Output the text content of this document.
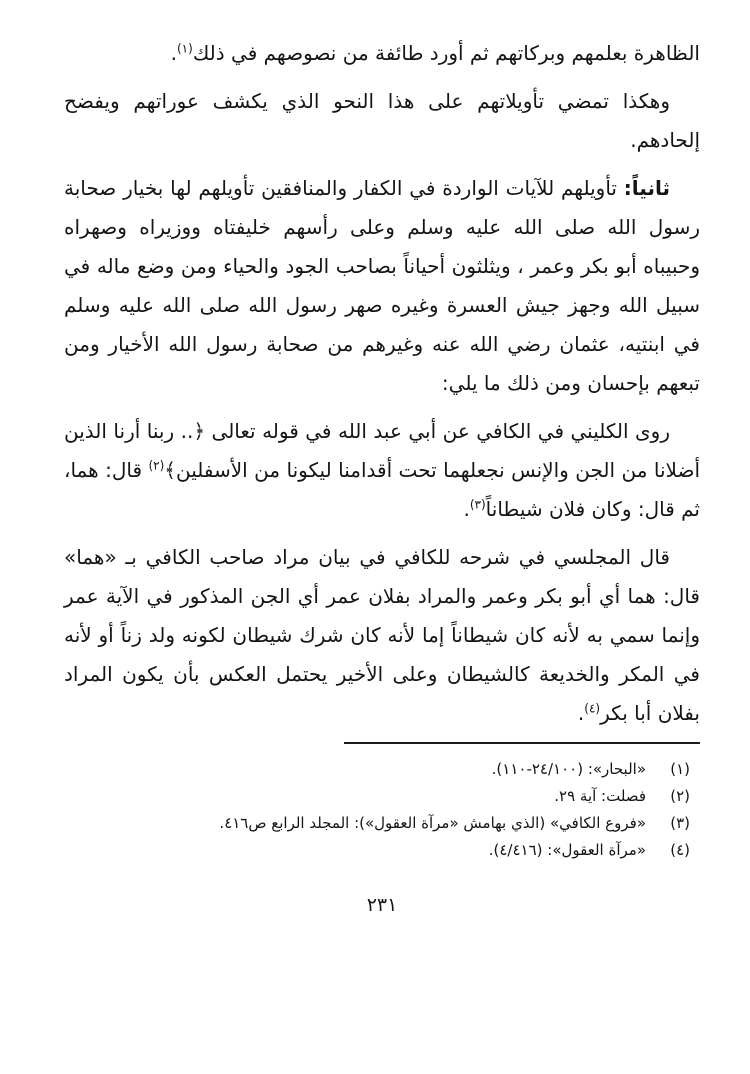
الظاهرة بعلمهم وبركاتهم ثم أورد طائفة من نصوصهم في ذلك$^{(١)}$.

وهكذا تمضي تأويلاتهم على هذا النحو الذي يكشف عوراتهم ويفضح إلحادهم.

ثانياً: تأويلهم للآيات الواردة في الكفار والمنافقين تأويلهم لها بخيار صحابة رسول الله صلى الله عليه وسلم وعلى رأسهم خليفتاه ووزيراه وصهراه وحبيباه أبو بكر وعمر ، ويثلثون أحياناً بصاحب الجود والحياء ومن وضع ماله في سبيل الله وجهز جيش العسرة وغيره صهر رسول الله صلى الله عليه وسلم في ابنتيه، عثمان رضي الله عنه وغيرهم من صحابة رسول الله الأخيار ومن تبعهم بإحسان ومن ذلك ما يلي:

روى الكليني في الكافي عن أبي عبد الله في قوله تعالى ﴿.. ربنا أرنا الذين أضلانا من الجن والإنس نجعلهما تحت أقدامنا ليكونا من الأسفلين﴾$^{(٢)}$ قال: هما، ثم قال: وكان فلان شيطاناً$^{(٣)}$.

قال المجلسي في شرحه للكافي في بيان مراد صاحب الكافي بـ «هما» قال: هما أي أبو بكر وعمر والمراد بفلان عمر أي الجن المذكور في الآية عمر وإنما سمي به لأنه كان شيطاناً إما لأنه كان شرك شيطان لكونه ولد زناً أو لأنه في المكر والخديعة كالشيطان وعلى الأخير يحتمل العكس بأن يكون المراد بفلان أبا بكر$^{(٤)}$.

(١)
«البحار»: (٢٤/١٠٠-١١٠).
(٢)
فصلت: آية ٢٩.
(٣)
«فروع الكافي» (الذي بهامش «مرآة العقول»): المجلد الرابع ص٤١٦.
(٤)
«مرآة العقول»: (٤/٤١٦).
٢٣١
